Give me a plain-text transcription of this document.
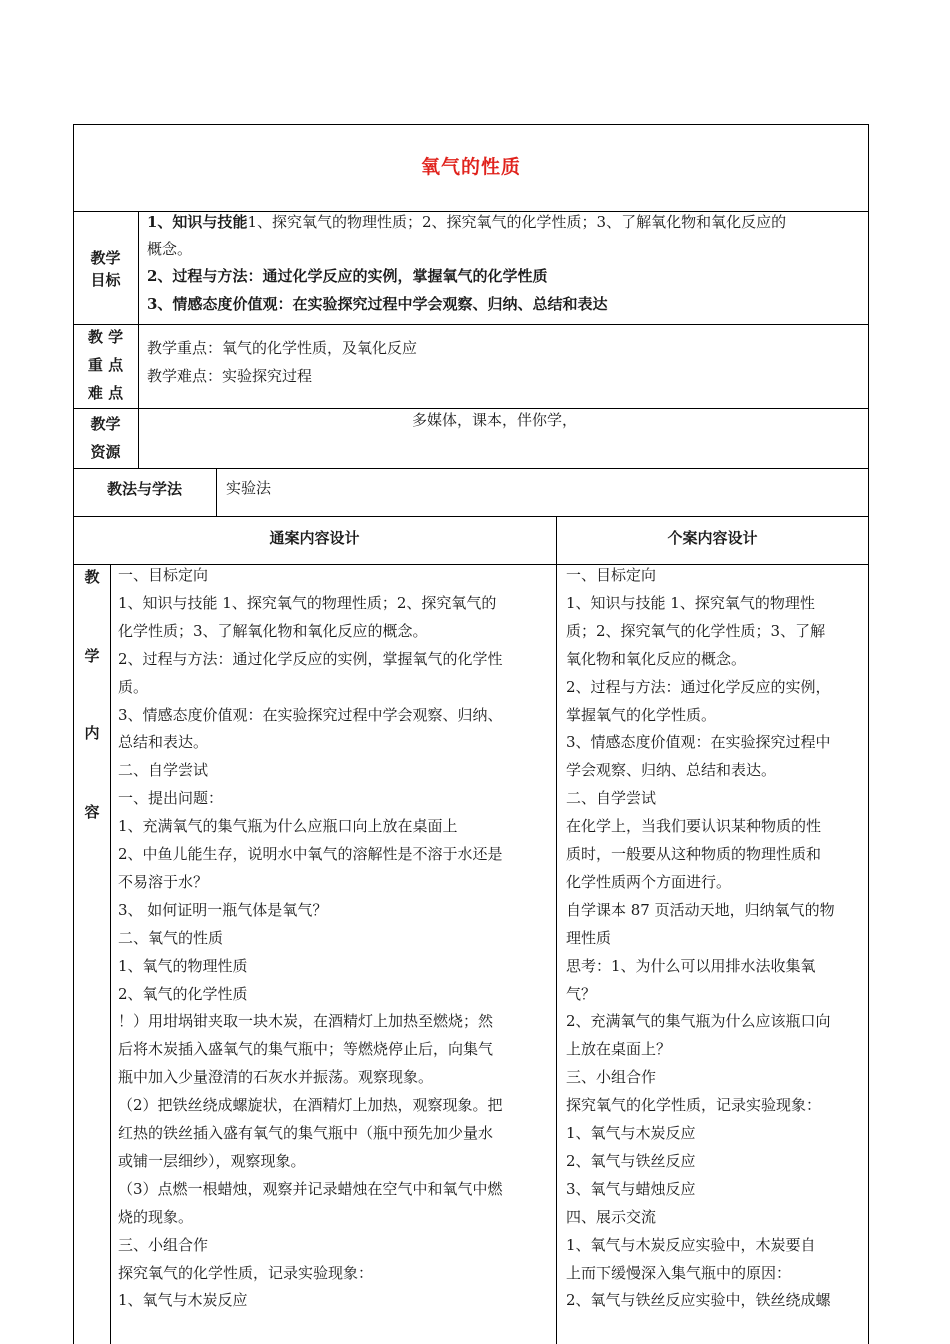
氧气的性质
教学
目标
1、知识与技能1、探究氧气的物理性质；2、探究氧气的化学性质；3、了解氧化物和氧化反应的
概念。
2、过程与方法：通过化学反应的实例，掌握氧气的化学性质
3、情感态度价值观：在实验探究过程中学会观察、归纳、总结和表达
教 学
重 点
难 点
教学重点：氧气的化学性质，及氧化反应
教学难点：实验探究过程
教学
资源
多媒体，课本，伴你学，
教法与学法	实验法
通案内容设计	个案内容设计
教
学
内
容
一、目标定向
1、知识与技能 1、探究氧气的物理性质；2、探究氧气的
化学性质；3、了解氧化物和氧化反应的概念。
2、过程与方法：通过化学反应的实例，掌握氧气的化学性
质。
3、情感态度价值观：在实验探究过程中学会观察、归纳、
总结和表达。
二、自学尝试
一、提出问题：
1、充满氧气的集气瓶为什么应瓶口向上放在桌面上
2、中鱼儿能生存，说明水中氧气的溶解性是不溶于水还是
不易溶于水？
3、 如何证明一瓶气体是氧气？
二、氧气的性质
1、氧气的物理性质
2、氧气的化学性质
！）用坩埚钳夹取一块木炭，在酒精灯上加热至燃烧；然
后将木炭插入盛氧气的集气瓶中；等燃烧停止后，向集气
瓶中加入少量澄清的石灰水并振荡。观察现象。
（2）把铁丝绕成螺旋状，在酒精灯上加热，观察现象。把
红热的铁丝插入盛有氧气的集气瓶中（瓶中预先加少量水
或铺一层细纱），观察现象。
（3）点燃一根蜡烛，观察并记录蜡烛在空气中和氧气中燃
烧的现象。
三、小组合作
探究氧气的化学性质，记录实验现象：
1、氧气与木炭反应
一、目标定向
1、知识与技能 1、探究氧气的物理性
质；2、探究氧气的化学性质；3、了解
氧化物和氧化反应的概念。
2、过程与方法：通过化学反应的实例，
掌握氧气的化学性质。
3、情感态度价值观：在实验探究过程中
学会观察、归纳、总结和表达。
二、自学尝试
在化学上，当我们要认识某种物质的性
质时，一般要从这种物质的物理性质和
化学性质两个方面进行。
自学课本 87 页活动天地，归纳氧气的物
理性质
思考：1、为什么可以用排水法收集氧
气？
2、充满氧气的集气瓶为什么应该瓶口向
上放在桌面上？
三、小组合作
探究氧气的化学性质，记录实验现象：
1、氧气与木炭反应
2、氧气与铁丝反应
3、氧气与蜡烛反应
四、展示交流
1、氧气与木炭反应实验中，木炭要自
上而下缓慢深入集气瓶中的原因：
2、氧气与铁丝反应实验中，铁丝绕成螺
